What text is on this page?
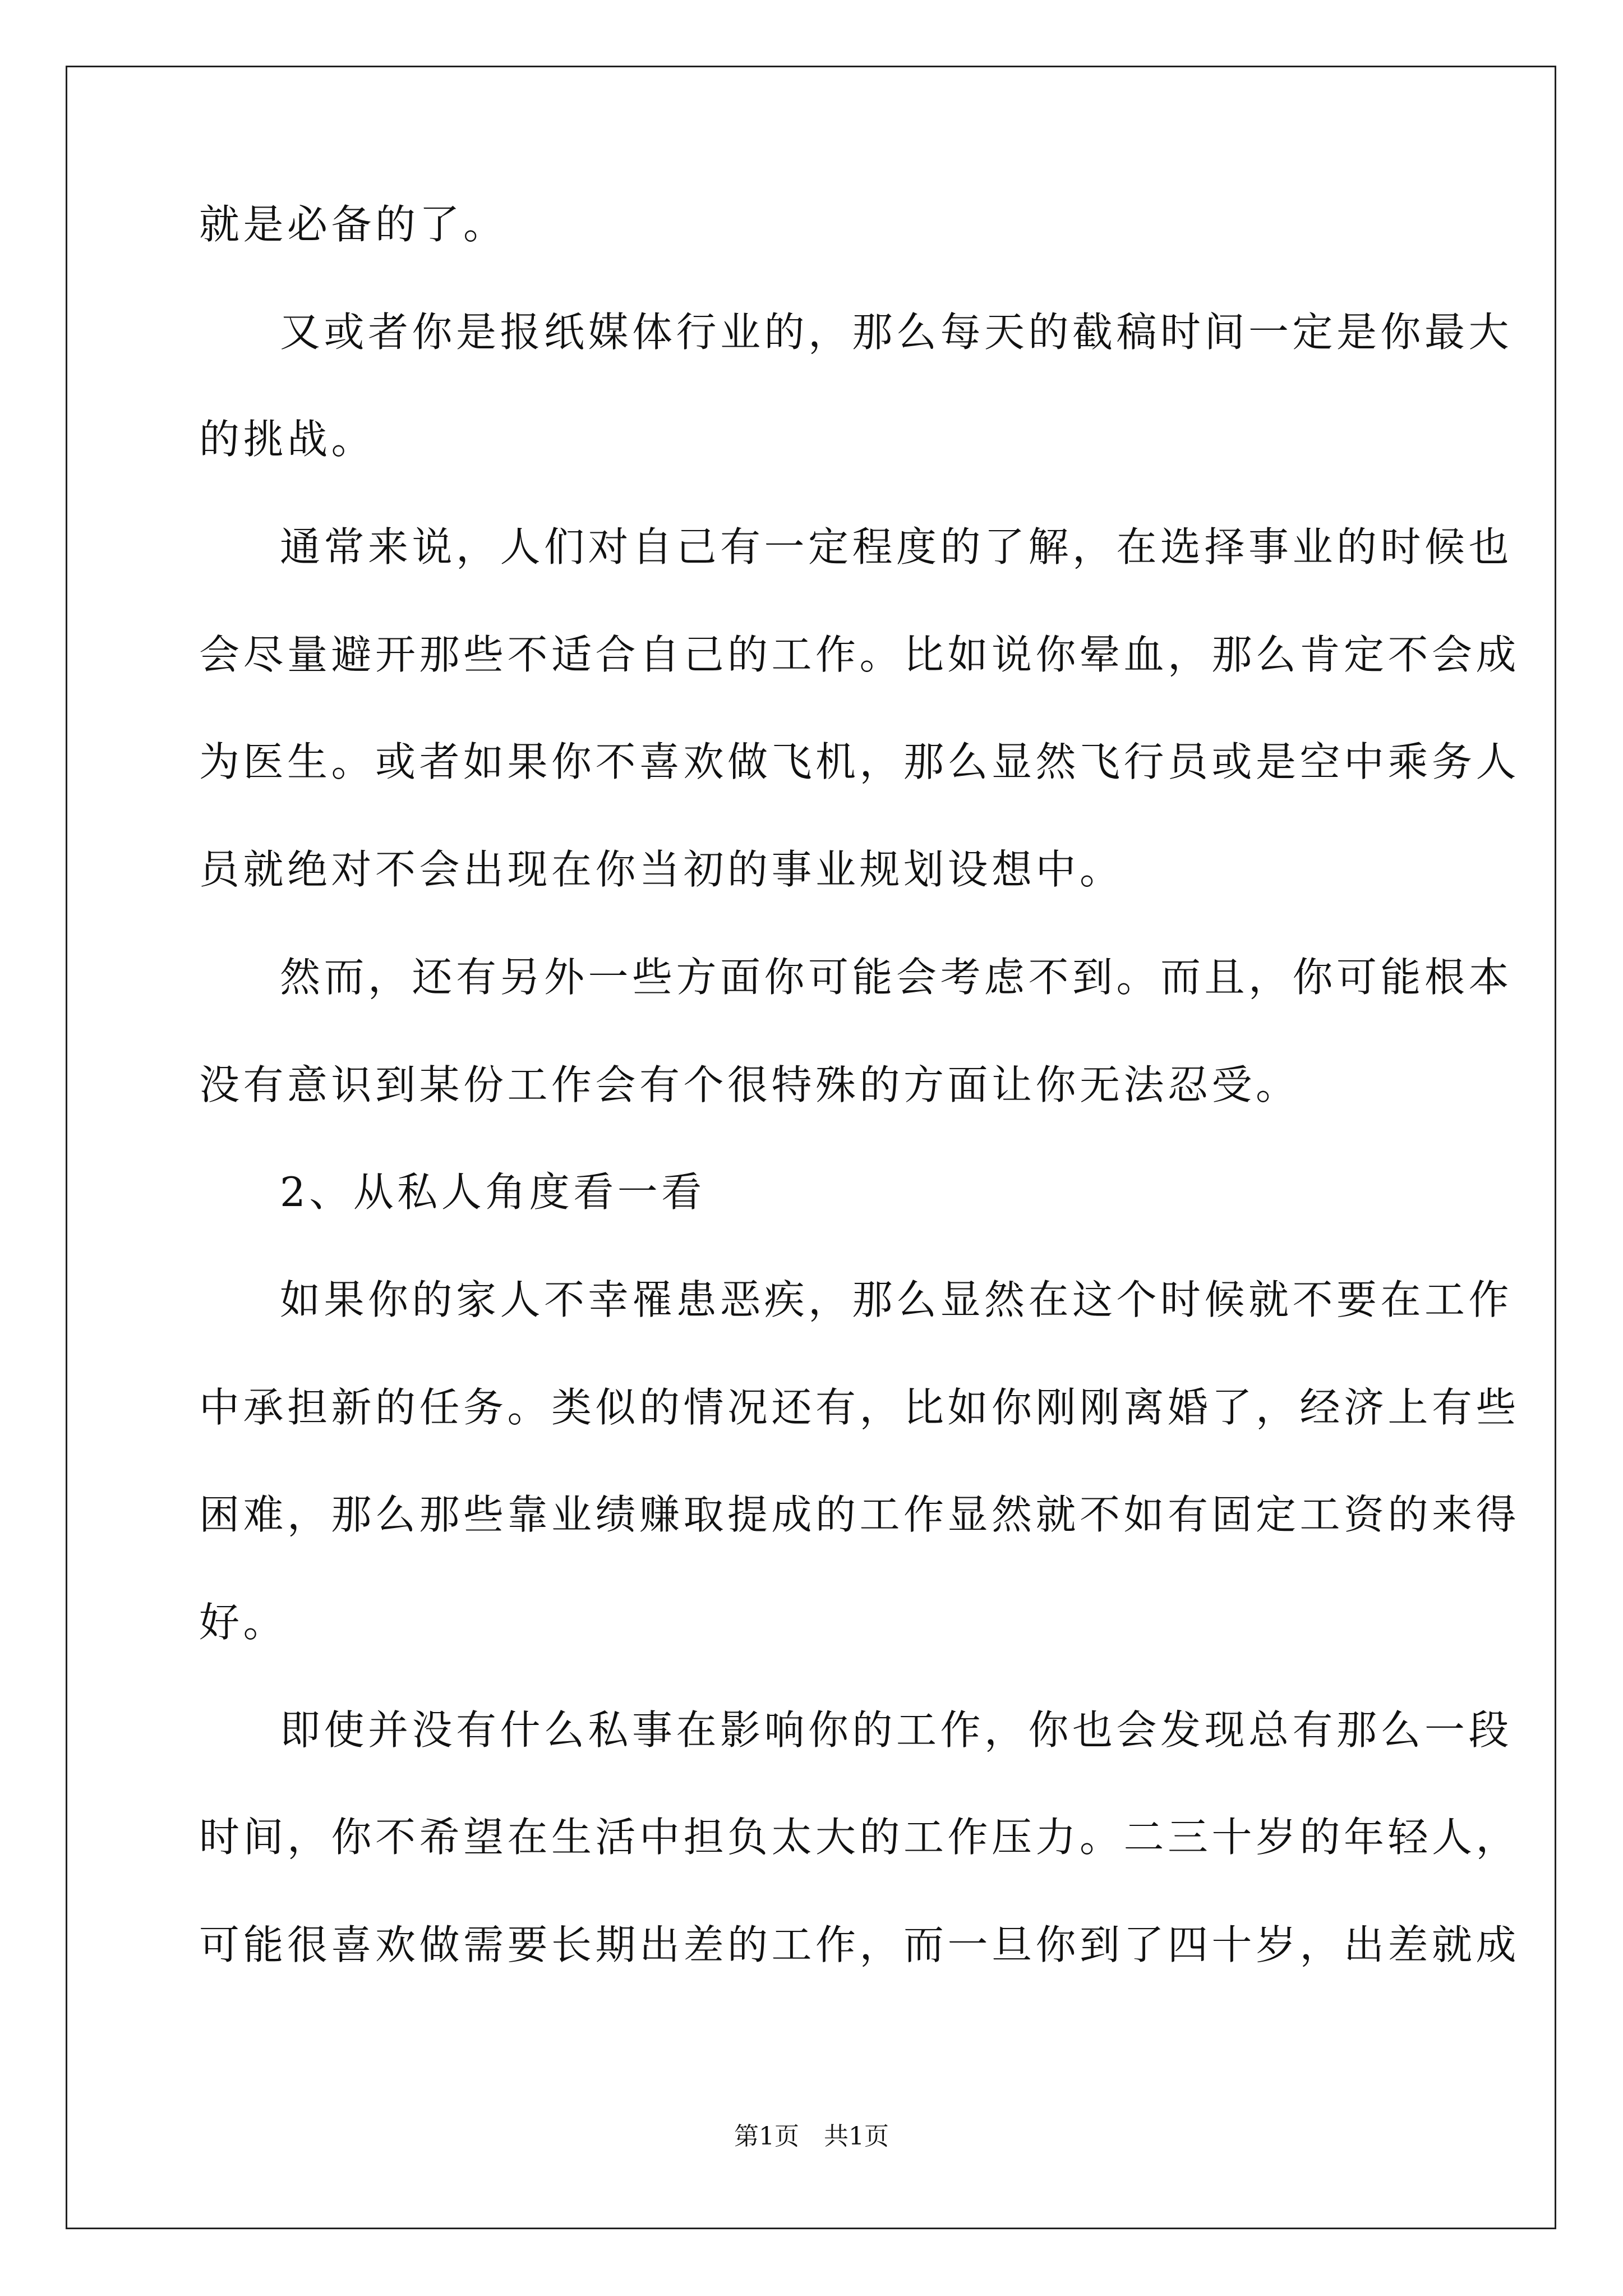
就是必备的了。
又或者你是报纸媒体行业的，那么每天的截稿时间一定是你最大
的挑战。
通常来说，人们对自己有一定程度的了解，在选择事业的时候也
会尽量避开那些不适合自己的工作。比如说你晕血，那么肯定不会成
为医生。或者如果你不喜欢做飞机，那么显然飞行员或是空中乘务人
员就绝对不会出现在你当初的事业规划设想中。
然而，还有另外一些方面你可能会考虑不到。而且，你可能根本
没有意识到某份工作会有个很特殊的方面让你无法忍受。
2、从私人角度看一看
如果你的家人不幸罹患恶疾，那么显然在这个时候就不要在工作
中承担新的任务。类似的情况还有，比如你刚刚离婚了，经济上有些
困难，那么那些靠业绩赚取提成的工作显然就不如有固定工资的来得
好。
即使并没有什么私事在影响你的工作，你也会发现总有那么一段
时间，你不希望在生活中担负太大的工作压力。二三十岁的年轻人，
可能很喜欢做需要长期出差的工作，而一旦你到了四十岁，出差就成
第1页 共1页
